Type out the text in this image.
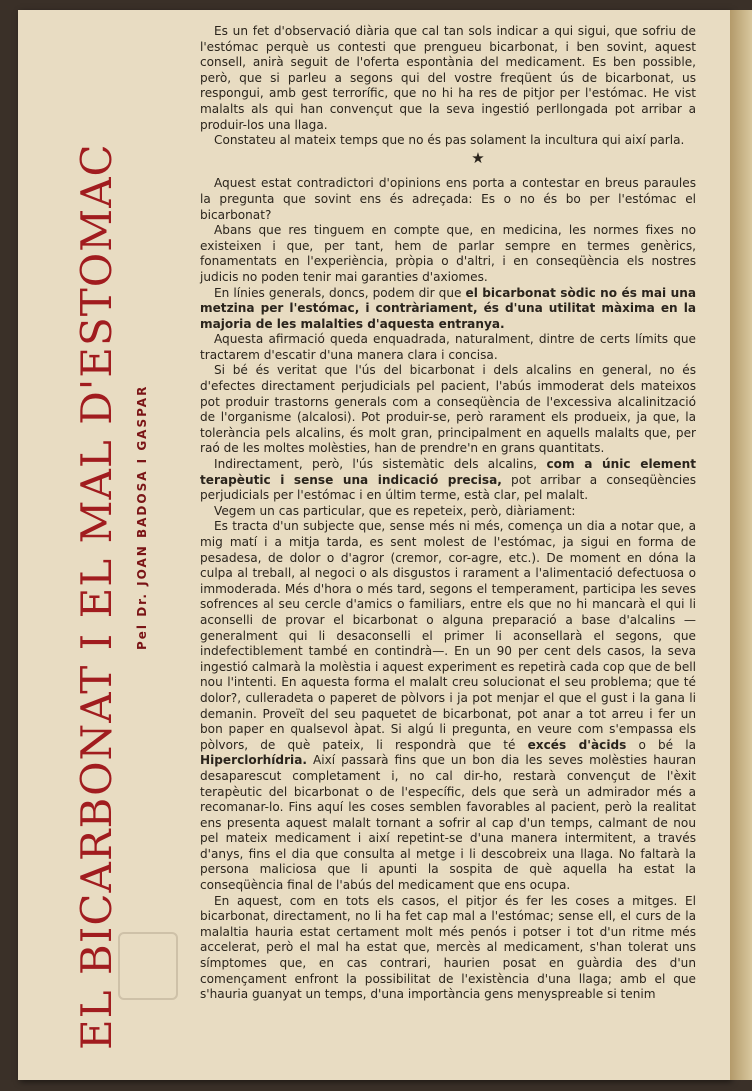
EL BICARBONAT I EL MAL D'ESTOMAC Pel Dr. JOAN BADOSA I GASPAR

Es un fet d'observació diària que cal tan sols indicar a qui sigui, que sofriu de l'estómac perquè us contesti que prengueu bicarbonat, i ben sovint, aquest consell, anirà seguit de l'oferta espontània del medicament. Es ben possible, però, que si parleu a segons qui del vostre freqüent ús de bicarbonat, us respongui, amb gest terrorífic, que no hi ha res de pitjor per l'estómac. He vist malalts als qui han convençut que la seva ingestió perllongada pot arribar a produir-los una llaga.

Constateu al mateix temps que no és pas solament la incultura qui així parla.

★

Aquest estat contradictori d'opinions ens porta a contestar en breus paraules la pregunta que sovint ens és adreçada: Es o no és bo per l'estómac el bicarbonat?

Abans que res tinguem en compte que, en medicina, les normes fixes no existeixen i que, per tant, hem de parlar sempre en termes genèrics, fonamentats en l'experiència, pròpia o d'altri, i en conseqüència els nostres judicis no poden tenir mai garanties d'axiomes.

En línies generals, doncs, podem dir que el bicarbonat sòdic no és mai una metzina per l'estómac, i contràriament, és d'una utilitat màxima en la majoria de les malalties d'aquesta entranya.

Aquesta afirmació queda enquadrada, naturalment, dintre de certs límits que tractarem d'escatir d'una manera clara i concisa.

Si bé és veritat que l'ús del bicarbonat i dels alcalins en general, no és d'efectes directament perjudicials pel pacient, l'abús immoderat dels mateixos pot produir trastorns generals com a conseqüència de l'excessiva alcalinització de l'organisme (alcalosi). Pot produir-se, però rarament els produeix, ja que, la tolerància pels alcalins, és molt gran, principalment en aquells malalts que, per raó de les moltes molèsties, han de prendre'n en grans quantitats.

Indirectament, però, l'ús sistemàtic dels alcalins, com a únic element terapèutic i sense una indicació precisa, pot arribar a conseqüències perjudicials per l'estómac i en últim terme, està clar, pel malalt.

Vegem un cas particular, que es repeteix, però, diàriament:

Es tracta d'un subjecte que, sense més ni més, comença un dia a notar que, a mig matí i a mitja tarda, es sent molest de l'estómac, ja sigui en forma de pesadesa, de dolor o d'agror (cremor, cor-agre, etc.). De moment en dóna la culpa al treball, al negoci o als disgustos i rarament a l'alimentació defectuosa o immoderada. Més d'hora o més tard, segons el temperament, participa les seves sofrences al seu cercle d'amics o familiars, entre els que no hi mancarà el qui li aconselli de provar el bicarbonat o alguna preparació a base d'alcalins —generalment qui li desaconselli el primer li aconsellarà el segons, que indefectiblement també en contindrà—. En un 90 per cent dels casos, la seva ingestió calmarà la molèstia i aquest experiment es repetirà cada cop que de bell nou l'intenti. En aquesta forma el malalt creu solucionat el seu problema; que té dolor?, culleradeta o paperet de pòlvors i ja pot menjar el que el gust i la gana li demanin. Proveït del seu paquetet de bicarbonat, pot anar a tot arreu i fer un bon paper en qualsevol àpat. Si algú li pregunta, en veure com s'empassa els pòlvors, de què pateix, li respondrà que té excés d'àcids o bé la Hiperclorhídria. Així passarà fins que un bon dia les seves molèsties hauran desaparescut completament i, no cal dir-ho, restarà convençut de l'èxit terapèutic del bicarbonat o de l'específic, dels que serà un admirador més a recomanar-lo. Fins aquí les coses semblen favorables al pacient, però la realitat ens presenta aquest malalt tornant a sofrir al cap d'un temps, calmant de nou pel mateix medicament i així repetint-se d'una manera intermitent, a través d'anys, fins el dia que consulta al metge i li descobreix una llaga. No faltarà la persona maliciosa que li apunti la sospita de què aquella ha estat la conseqüència final de l'abús del medicament que ens ocupa.

En aquest, com en tots els casos, el pitjor és fer les coses a mitges. El bicarbonat, directament, no li ha fet cap mal a l'estómac; sense ell, el curs de la malaltia hauria estat certament molt més penós i potser i tot d'un ritme més accelerat, però el mal ha estat que, mercès al medicament, s'han tolerat uns símptomes que, en cas contrari, haurien posat en guàrdia des d'un començament enfront la possibilitat de l'existència d'una llaga; amb el que s'hauria guanyat un temps, d'una importància gens menyspreable si tenim
